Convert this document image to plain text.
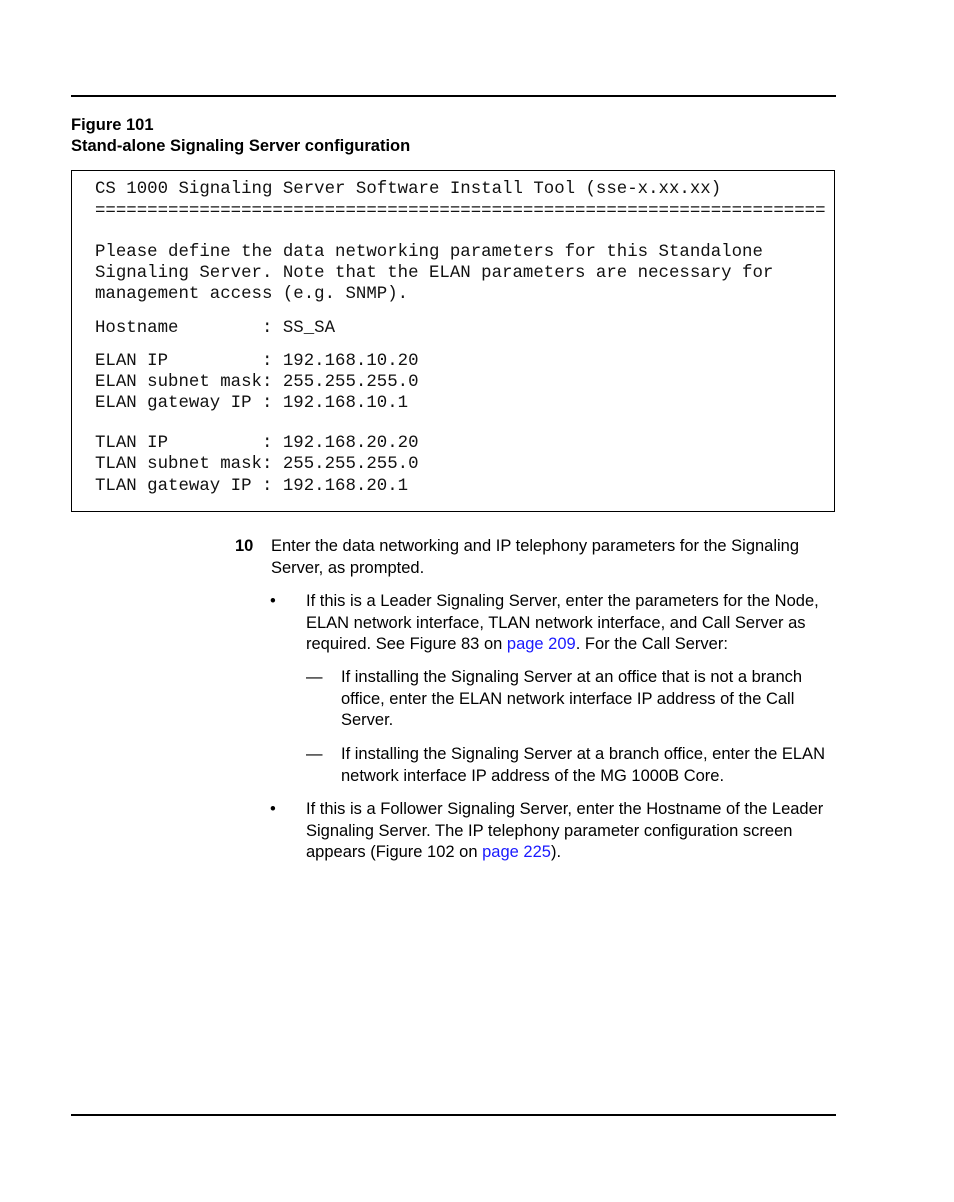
Figure 101
Stand-alone Signaling Server configuration

CS 1000 Signaling Server Software Install Tool (sse-x.xx.xx)

======================================================================

Please define the data networking parameters for this Standalone

Signaling Server. Note that the ELAN parameters are necessary for

management access (e.g. SNMP).

Hostname        : SS_SA

ELAN IP         : 192.168.10.20

ELAN subnet mask: 255.255.255.0

ELAN gateway IP : 192.168.10.1

TLAN IP         : 192.168.20.20

TLAN subnet mask: 255.255.255.0

TLAN gateway IP : 192.168.20.1

10 Enter the data networking and IP telephony parameters for the Signaling Server, as prompted.
• If this is a Leader Signaling Server, enter the parameters for the Node, ELAN network interface, TLAN network interface, and Call Server as required. See Figure 83 on page 209. For the Call Server:
— If installing the Signaling Server at an office that is not a branch office, enter the ELAN network interface IP address of the Call Server.
— If installing the Signaling Server at a branch office, enter the ELAN network interface IP address of the MG 1000B Core.
• If this is a Follower Signaling Server, enter the Hostname of the Leader Signaling Server. The IP telephony parameter configuration screen appears (Figure 102 on page 225).
